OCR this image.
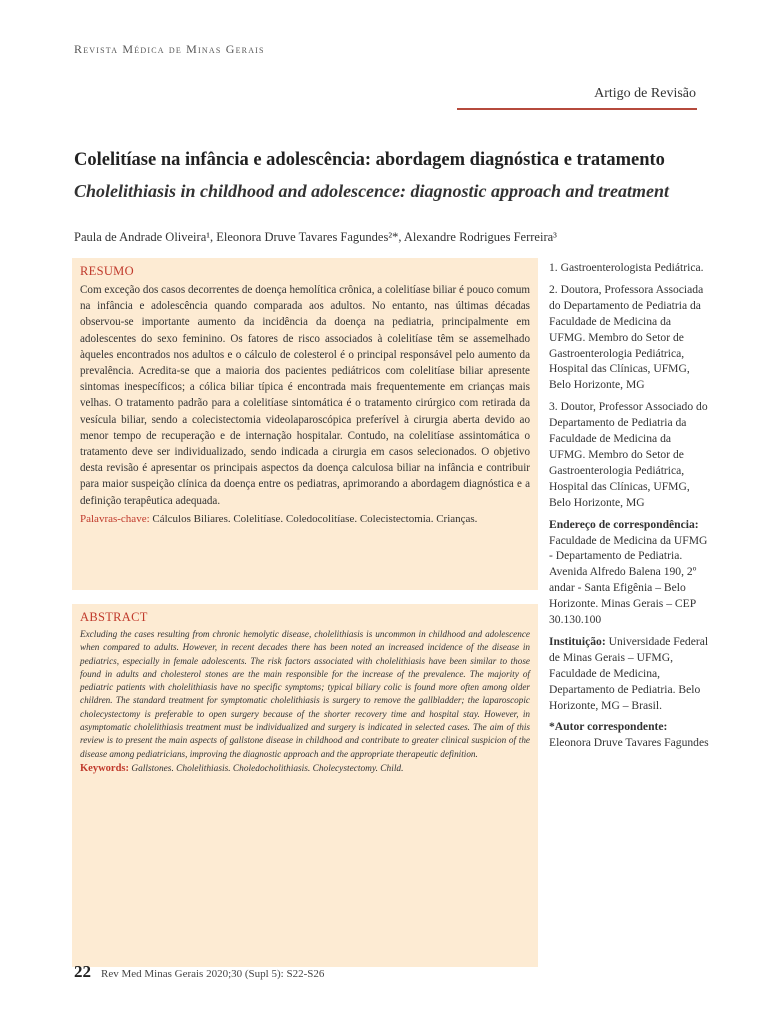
Revista Médica de Minas Gerais
Artigo de Revisão
Colelitíase na infância e adolescência: abordagem diagnóstica e tratamento
Cholelithiasis in childhood and adolescence: diagnostic approach and treatment
Paula de Andrade Oliveira¹, Eleonora Druve Tavares Fagundes²*, Alexandre Rodrigues Ferreira³
RESUMO

Com exceção dos casos decorrentes de doença hemolítica crônica, a colelitíase biliar é pouco comum na infância e adolescência quando comparada aos adultos. No entanto, nas últimas décadas observou-se importante aumento da incidência da doença na pediatria, principalmente em adolescentes do sexo feminino. Os fatores de risco associados à colelitíase têm se assemelhado àqueles encontrados nos adultos e o cálculo de colesterol é o principal responsável pelo aumento da prevalência. Acredita-se que a maioria dos pacientes pediátricos com colelitíase biliar apresente sintomas inespecíficos; a cólica biliar típica é encontrada mais frequentemente em crianças mais velhas. O tratamento padrão para a colelitíase sintomática é o tratamento cirúrgico com retirada da vesícula biliar, sendo a colecistectomia videolaparoscópica preferível à cirurgia aberta devido ao menor tempo de recuperação e de internação hospitalar. Contudo, na colelitíase assintomática o tratamento deve ser individualizado, sendo indicada a cirurgia em casos selecionados. O objetivo desta revisão é apresentar os principais aspectos da doença calculosa biliar na infância e contribuir para maior suspeição clínica da doença entre os pediatras, aprimorando a abordagem diagnóstica e a definição terapêutica adequada.

Palavras-chave: Cálculos Biliares. Colelitíase. Coledocolitíase. Colecistectomia. Crianças.

ABSTRACT

Excluding the cases resulting from chronic hemolytic disease, cholelithiasis is uncommon in childhood and adolescence when compared to adults. However, in recent decades there has been noted an increased incidence of the disease in pediatrics, especially in female adolescents. The risk factors associated with cholelithiasis have been similar to those found in adults and cholesterol stones are the main responsible for the increase of the prevalence. The majority of pediatric patients with cholelithiasis have no specific symptoms; typical biliary colic is found more often among older children. The standard treatment for symptomatic cholelithiasis is surgery to remove the gallbladder; the laparoscopic cholecystectomy is preferable to open surgery because of the shorter recovery time and hospital stay. However, in asymptomatic cholelithiasis treatment must be individualized and surgery is indicated in selected cases. The aim of this review is to present the main aspects of gallstone disease in childhood and contribute to greater clinical suspicion of the disease among pediatricians, improving the diagnostic approach and the appropriate therapeutic definition.

Keywords: Gallstones. Cholelithiasis. Choledocholithiasis. Cholecystectomy. Child.

1. Gastroenterologista Pediátrica.

2. Doutora, Professora Associada do Departamento de Pediatria da Faculdade de Medicina da UFMG. Membro do Setor de Gastroenterologia Pediátrica, Hospital das Clínicas, UFMG, Belo Horizonte, MG

3. Doutor, Professor Associado do Departamento de Pediatria da Faculdade de Medicina da UFMG. Membro do Setor de Gastroenterologia Pediátrica, Hospital das Clínicas, UFMG, Belo Horizonte, MG

Endereço de correspondência: Faculdade de Medicina da UFMG - Departamento de Pediatria. Avenida Alfredo Balena 190, 2º andar - Santa Efigênia – Belo Horizonte. Minas Gerais – CEP 30.130.100

Instituição: Universidade Federal de Minas Gerais – UFMG, Faculdade de Medicina, Departamento de Pediatria. Belo Horizonte, MG – Brasil.

*Autor correspondente:

Eleonora Druve Tavares Fagundes

22 Rev Med Minas Gerais 2020;30 (Supl 5): S22-S26
